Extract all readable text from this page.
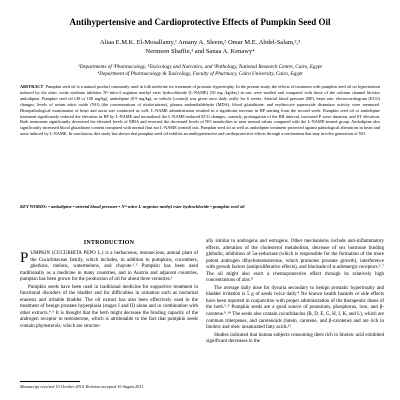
Antihypertensive and Cardioprotective Effects of Pumpkin Seed Oil
Aliaa E.M.K. El-Mosallamy,¹ Amany A. Sleem,² Omar M.E. Abdel-Salam,²,³
Nermeen Shaffie,³ and Sanaa A. Kenawy⁴
¹Departments of ²Pharmacology, ³Toxicology and Narcotics, and ³Pathology, National Research Centre, Cairo, Egypt
⁴Department of Pharmacology & Toxicology, Faculty of Pharmacy, Cairo University, Cairo, Egypt

ABSTRACT Pumpkin seed oil is a natural product commonly used in folk medicine for treatment of prostatic hypertrophy. In the present study, the effects of treatment with pumpkin seed oil on hypertension induced by the nitric oxide synthase inhibitor Nᴳ-nitro-L-arginine methyl ester hydrochloride (L-NAME) (50 mg /kg/day) in rats were studied and compared with those of the calcium channel blocker amlodipine. Pumpkin seed oil (40 or 100 mg/kg), amlodipine (0.9 mg/kg), or vehicle (control) was given once daily orally for 6 weeks. Arterial blood pressure (BP), heart rate, electrocardiogram (ECG) changes, levels of serum nitric oxide (NO) (the concentrations of nitrite/nitrate), plasma malondialdehyde (MDA), blood glutathione, and erythrocyte superoxide dismutase activity were measured. Histopathological examination of heart and aorta was conducted as well. L-NAME administration resulted in a significant increase in BP starting from the second week. Pumpkin seed oil or amlodipine treatment significantly reduced the elevation in BP by L-NAME and normalized the L-NAME-induced ECG changes—namely, prolongation of the RR interval, increased P wave duration, and ST elevation. Both treatments significantly decreased the elevated levels of MDA and reversed the decreased levels of NO metabolites to near normal values compared with the L-NAME-treated group. Amlodipine also significantly increased blood glutathione content compared with normal (but not L-NAME treated) rats. Pumpkin seed oil as well as amlodipine treatment protected against pathological alterations in heart and aorta induced by L-NAME. In conclusion, this study has shown that pumpkin seed oil exhibits an antihypertensive and cardioprotective effects through a mechanism that may involve generation of NO.

KEY WORDS: • amlodipine • arterial blood pressure • Nᴳ-nitro-L-arginine methyl ester hydrochloride • pumpkin seed oil

INTRODUCTION

PUMPKIN (CUCURBITA PEPO L.) is a herbaceous, monoecious, annual plant of the Cucurbitaceae family, which includes, in addition to pumpkins, cucumbers, gherkins, melons, watermelons, and chayote.¹˒² Pumpkin has been used traditionally as a medicine in many countries, and in Austria and adjacent countries, pumpkin has been grown for the production of oil for about three centuries.³

Pumpkin seeds have been used in traditional medicine for supportive treatment in functional disorders of the bladder and for difficulties in urination such as nocturnal enuresis and irritable bladder. The oil extract has also been effectively used in the treatment of benign prostate hyperplasia (stages I and II) alone and in combination with other extracts.⁴˒⁵ It is thought that the herb might decrease the binding capacity of the androgen receptor to testosterone, which is attributable to the fact that pumpkin seeds contain phytosterols, which are structur-

ally similar to androgens and estrogens. Other mechanisms include anti-inflammatory effects, alteration of the cholesterol metabolism, decrease of sex hormone binding globulin, inhibition of 5α-reductase (which is responsible for the formation of the more potent androgen dihydrotestosterone, which promotes prostate growth), interference with growth factors (antiproliferative effects), and blockade of α-adrenergic receptors.⁶˒⁷ The oil might also exert a chemoprotective effect through its relatively high concentrations of zinc.⁸

The average daily dose for dysuria secondary to benign prostatic hypertrophy and bladder irritation is 5 g of seeds twice daily.⁴ No known health hazards or side effects have been reported in conjunction with proper administration of the therapeutic doses of the herb.⁵˒⁸ Pumpkin seeds are a good source of potassium, phosphorus, iron, and β-carotene.⁹˒¹⁰ The seeds also contain cucurbitacins (B, D, E, G, H, I, K, and L), which are common triterpenes, and carotenoids (lutein, carotene, and β-carotene) and are rich in linoleic and oleic unsaturated fatty acids.¹¹

Studies indicated that human subjects consuming diets rich in linoleic acid exhibited significant decreases in the

Manuscript received 10 October 2010. Revision accepted 16 August 2011.
